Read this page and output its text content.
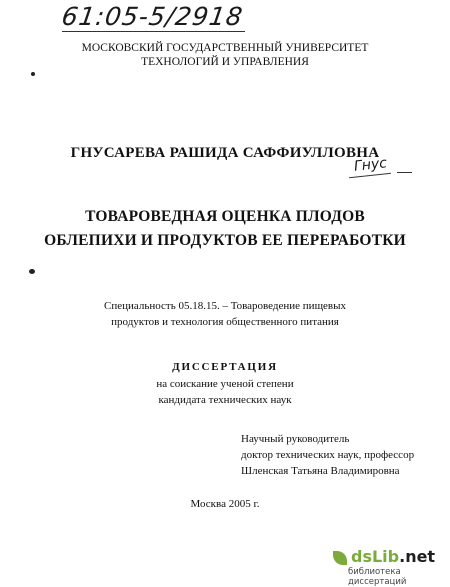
61:05-5/2918
МОСКОВСКИЙ ГОСУДАРСТВЕННЫЙ УНИВЕРСИТЕТ
ТЕХНОЛОГИЙ И УПРАВЛЕНИЯ
ГНУСАРЕВА РАШИДА САФФИУЛЛОВНА
Гнус
ТОВАРОВЕДНАЯ ОЦЕНКА ПЛОДОВ
ОБЛЕПИХИ И ПРОДУКТОВ ЕЕ ПЕРЕРАБОТКИ
Специальность 05.18.15. – Товароведение пищевых
продуктов и технология общественного питания
ДИССЕРТАЦИЯ
на соискание ученой степени
кандидата технических наук
Научный руководитель
доктор технических наук, профессор
Шленская Татьяна Владимировна
Москва 2005 г.
dsLib.net
библиотека диссертаций
